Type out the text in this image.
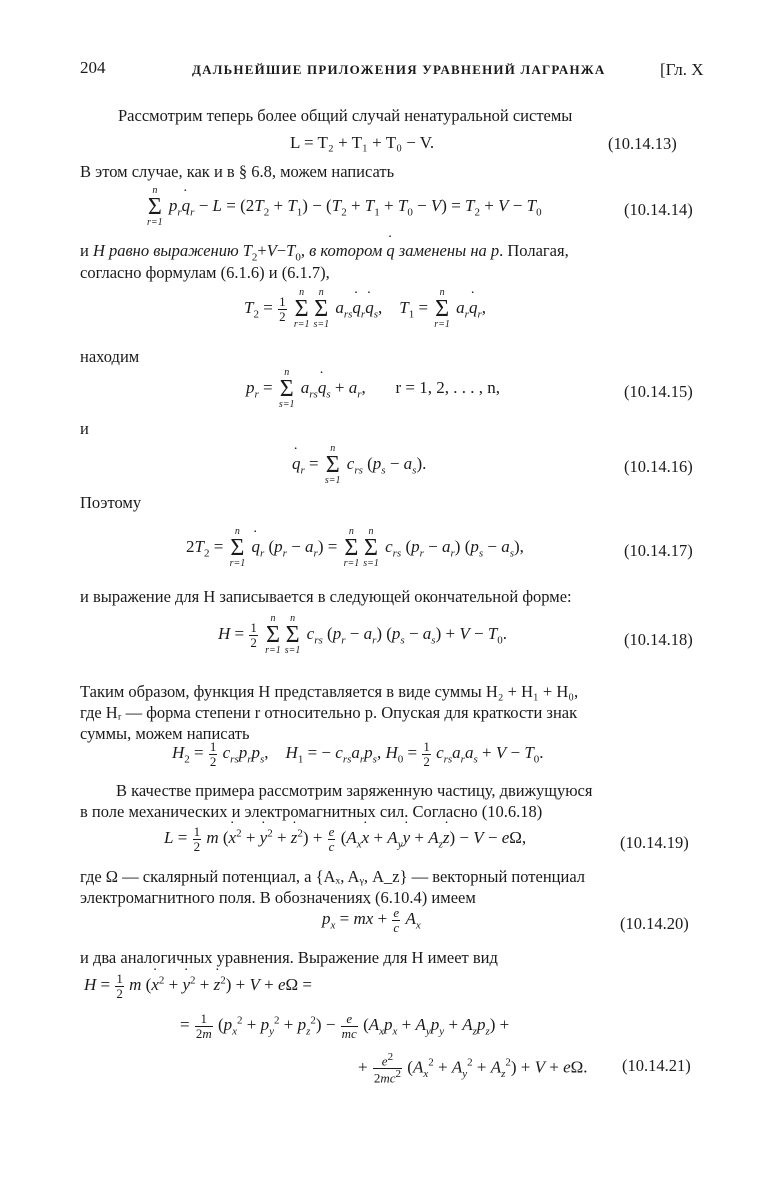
204	ДАЛЬНЕЙШИЕ ПРИЛОЖЕНИЯ УРАВНЕНИЙ ЛАГРАНЖА	[Гл. X
Рассмотрим теперь более общий случай ненатуральной системы
L = T₂ + T₁ + T₀ − V.	(10.14.13)
В этом случае, как и в § 6.8, можем написать
n
Σ
r=1
$p_r˙$ $q_r - L = (2T_2 + T_1) - (T_2 + T_1 + T_0 - V) = T_2 + V - T_0$	(10.14.14)
и H равно выражению $T_2+V-T_0$, в котором ˙ q заменены на p. Полагая,
согласно формулам (6.1.6) и (6.1.7),
$T_2 = \frac{1}{2}$

n
Σ
r=1
n
Σ
s=1
$a_{rs}˙$ $q_r˙$ $q_s$,    $T_1$ =
n
Σ
r=1
$a_r˙$ $q_r$,
находим
$p_r$ =
n
Σ
s=1
$a_{rs}˙$ $q_s + a_r$,       r = 1, 2, . . . , n,	(10.14.15)
и
˙ $q_r$ =
n
Σ
s=1
$c_{rs}$ $(p_s - a_s)$.	(10.14.16)
Поэтому
$2T_2$ =
n
Σ
r=1
˙ $q_r$ $(p_r - a_r)$ =
n
Σ
r=1
n
Σ
s=1
$c_{rs}$ $(p_r - a_r) (p_s - a_s)$,	(10.14.17)
и выражение для H записывается в следующей окончательной форме:
$H = \frac{1}{2}$

n
Σ
r=1
n
Σ
s=1
$c_{rs}$ $(p_r - a_r) (p_s - a_s) + V - T_0$.	(10.14.18)
Таким образом, функция H представляется в виде суммы H₂ + H₁ + H₀,
где Hᵣ — форма степени r относительно p. Опуская для краткости знак
суммы, можем написать
$H_2 = \frac{1}{2} c_{rs}p_rp_s$,    $H_1$ = − $c_{rs}a_rp_s$, $H_0 = \frac{1}{2} c_{rs}a_ra_s + V - T_0$.
В качестве примера рассмотрим заряженную частицу, движущуюся
в поле механических и электромагнитных сил. Согласно (10.6.18)
$L = \frac{1}{2}$ m (˙ $x^2$ + ˙ $y^2$ + ˙ $z^2) + \frac{e}{c}$ ($A_x˙$ $x + A_y˙$ $y + A_z˙$ z) − V − eΩ,	(10.14.19)
где Ω — скалярный потенциал, а {Aₓ, Aᵧ, A_z} — векторный потенциал
электромагнитного поля. В обозначениях (6.10.4) имеем
$p_x$ = m˙ $x + \frac{e}{c} A_x$	(10.14.20)
и два аналогичных уравнения. Выражение для H имеет вид
$H = \frac{1}{2}$ m (˙ $x^2$ + ˙ $y^2$ + ˙ $z^2) + V + e\Omega$ =
= $\frac{1}{2m} (p_x^2 + p_y^2 + p_z^2) - \frac{e}{mc} (A_xp_x + A_yp_y + A_zp_z)$ +
+ $\frac{e^2}{2mc^2} (A_x^2 + A_y^2 + A_z^2) + V + e\Omega$. (10.14.21)
